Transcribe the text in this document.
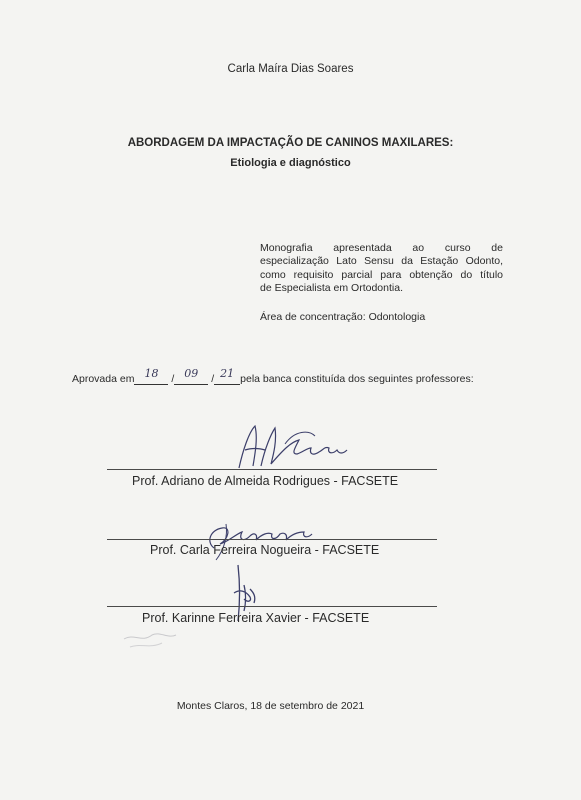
Carla Maíra Dias Soares
ABORDAGEM DA IMPACTAÇÃO DE CANINOS MAXILARES:
Etiologia e diagnóstico
Monografia apresentada ao curso de
especialização Lato Sensu da Estação Odonto,
como requisito parcial para obtenção do título
de Especialista em Ortodontia.
Área de concentração: Odontologia
Aprovada em 18 / 09 / 21 pela banca constituída dos seguintes professores:
Prof. Adriano de Almeida Rodrigues - FACSETE
Prof. Carla Ferreira Nogueira - FACSETE
Prof. Karinne Ferreira Xavier - FACSETE
Montes Claros, 18 de setembro de 2021
